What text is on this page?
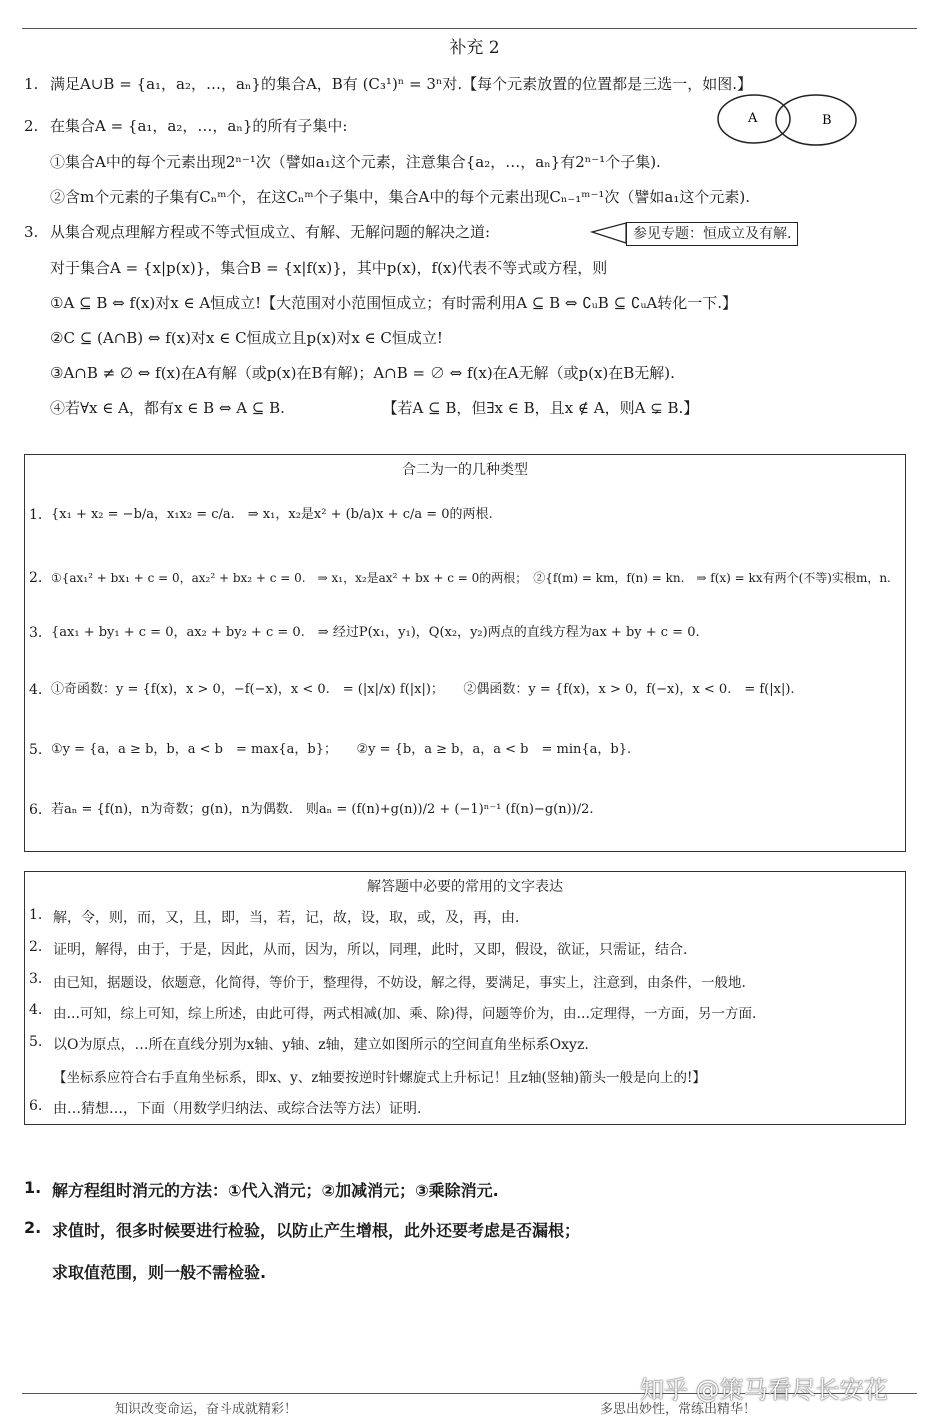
补充 2
1. 满足A∪B = {a₁，a₂，…，aₙ}的集合A，B有 (C₃¹)ⁿ = 3ⁿ对.【每个元素放置的位置都是三选一，如图.】
2. 在集合A = {a₁，a₂，…，aₙ}的所有子集中:
①集合A中的每个元素出现2ⁿ⁻¹次（譬如a₁这个元素，注意集合{a₂，…，aₙ}有2ⁿ⁻¹个子集).
②含m个元素的子集有Cₙᵐ个，在这Cₙᵐ个子集中，集合A中的每个元素出现Cₙ₋₁ᵐ⁻¹次（譬如a₁这个元素).
3. 从集合观点理解方程或不等式恒成立、有解、无解问题的解决之道:
对于集合A = {x|p(x)}，集合B = {x|f(x)}，其中p(x)，f(x)代表不等式或方程，则
①A ⊆ B ⇔ f(x)对x ∈ A恒成立!【大范围对小范围恒成立；有时需利用A ⊆ B ⇔ ∁ᵤB ⊆ ∁ᵤA转化一下.】
②C ⊆ (A∩B) ⇔ f(x)对x ∈ C恒成立且p(x)对x ∈ C恒成立!
③A∩B ≠ ∅ ⇔ f(x)在A有解（或p(x)在B有解)；A∩B = ∅ ⇔ f(x)在A无解（或p(x)在B无解).
④若∀x ∈ A，都有x ∈ B ⇔ A ⊆ B.　　　　　　　【若A ⊆ B，但∃x ∈ B，且x ∉ A，则A ⊊ B.】
A	B
参见专题：恒成立及有解.
合二为一的几种类型
1. {x₁ + x₂ = −b/a，x₁x₂ = c/a.　⇒ x₁，x₂是x² + (b/a)x + c/a = 0的两根.
2. ①{ax₁² + bx₁ + c = 0，ax₂² + bx₂ + c = 0.　⇒ x₁，x₂是ax² + bx + c = 0的两根；　②{f(m) = km，f(n) = kn.　⇒ f(x) = kx有两个(不等)实根m，n.
3. {ax₁ + by₁ + c = 0，ax₂ + by₂ + c = 0.　⇒ 经过P(x₁，y₁)，Q(x₂，y₂)两点的直线方程为ax + by + c = 0.
4. ①奇函数：y = {f(x)，x > 0，−f(−x)，x < 0.　= (|x|/x) f(|x|)；　　②偶函数：y = {f(x)，x > 0，f(−x)，x < 0.　= f(|x|).
5. ①y = {a，a ≥ b，b，a < b　= max{a，b}；　　②y = {b，a ≥ b，a，a < b　= min{a，b}.
6. 若aₙ = {f(n)，n为奇数；g(n)，n为偶数.　则aₙ = (f(n)+g(n))/2 + (−1)ⁿ⁻¹ (f(n)−g(n))/2.
解答题中必要的常用的文字表达
1. 解，令，则，而，又，且，即，当，若，记，故，设，取，或，及，再，由.
2. 证明，解得，由于，于是，因此，从而，因为，所以，同理，此时，又即，假设，欲证，只需证，结合.
3. 由已知，据题设，依题意，化简得，等价于，整理得，不妨设，解之得，要满足，事实上，注意到，由条件，一般地.
4. 由…可知，综上可知，综上所述，由此可得，两式相减(加、乘、除)得，问题等价为，由…定理得，一方面，另一方面.
5. 以O为原点，…所在直线分别为x轴、y轴、z轴，建立如图所示的空间直角坐标系Oxyz.
【坐标系应符合右手直角坐标系，即x、y、z轴要按逆时针螺旋式上升标记！且z轴(竖轴)箭头一般是向上的!】
6. 由…猜想…，下面（用数学归纳法、或综合法等方法）证明.
1. 解方程组时消元的方法：①代入消元；②加减消元；③乘除消元.
2. 求值时，很多时候要进行检验，以防止产生增根，此外还要考虑是否漏根；
求取值范围，则一般不需检验.
知识改变命运，奋斗成就精彩！	多思出妙性，常练出精华！
知乎 @策马看尽长安花
